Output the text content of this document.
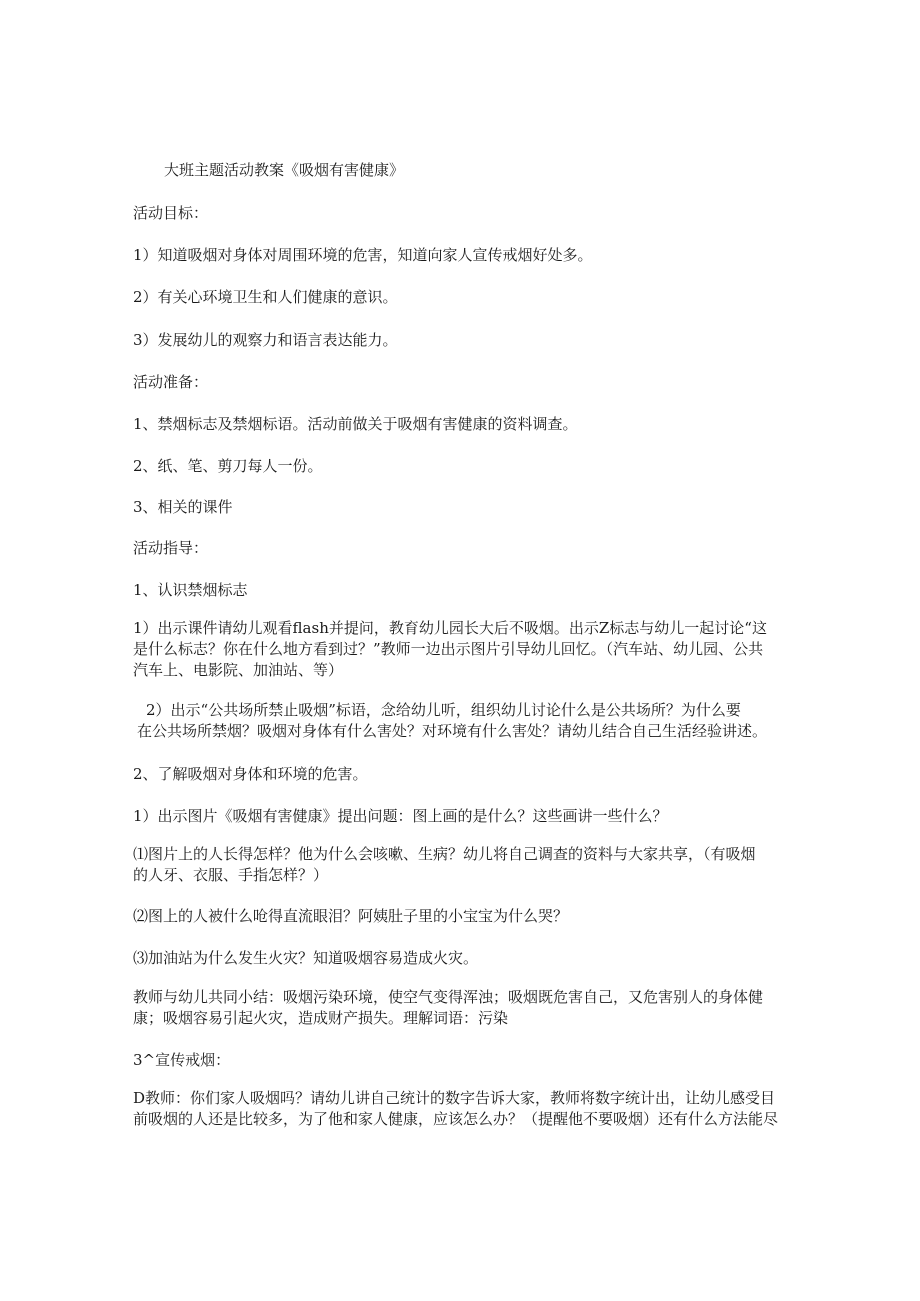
大班主题活动教案《吸烟有害健康》
活动目标：
1）知道吸烟对身体对周围环境的危害，知道向家人宣传戒烟好处多。
2）有关心环境卫生和人们健康的意识。
3）发展幼儿的观察力和语言表达能力。
活动准备：
1、禁烟标志及禁烟标语。活动前做关于吸烟有害健康的资料调查。
2、纸、笔、剪刀每人一份。
3、相关的课件
活动指导：
1、认识禁烟标志
1）出示课件请幼儿观看flash并提问，教育幼儿园长大后不吸烟。出示Z标志与幼儿一起讨论“这
是什么标志？你在什么地方看到过？”教师一边出示图片引导幼儿回忆。（汽车站、幼儿园、公共
汽车上、电影院、加油站、等）
2）出示“公共场所禁止吸烟”标语，念给幼儿听，组织幼儿讨论什么是公共场所？为什么要
在公共场所禁烟？吸烟对身体有什么害处？对环境有什么害处？请幼儿结合自己生活经验讲述。
2、了解吸烟对身体和环境的危害。
1）出示图片《吸烟有害健康》提出问题：图上画的是什么？这些画讲一些什么？
⑴图片上的人长得怎样？他为什么会咳嗽、生病？幼儿将自己调查的资料与大家共享，（有吸烟
的人牙、衣服、手指怎样？）
⑵图上的人被什么呛得直流眼泪？阿姨肚子里的小宝宝为什么哭？
⑶加油站为什么发生火灾？知道吸烟容易造成火灾。
教师与幼儿共同小结：吸烟污染环境，使空气变得浑浊；吸烟既危害自己，又危害别人的身体健
康；吸烟容易引起火灾，造成财产损失。理解词语：污染
3^宣传戒烟：
D教师：你们家人吸烟吗？请幼儿讲自己统计的数字告诉大家，教师将数字统计出，让幼儿感受目
前吸烟的人还是比较多，为了他和家人健康，应该怎么办？（提醒他不要吸烟）还有什么方法能尽
